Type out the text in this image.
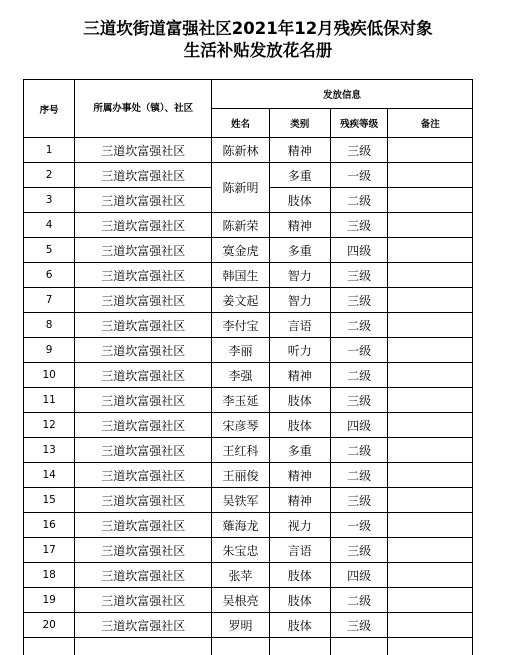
三道坎街道富强社区2021年12月残疾低保对象
生活补贴发放花名册
序号	所属办事处（镇）、社区	发放信息			
		姓名	类别	残疾等级	备注
1	三道坎富强社区	陈新林	精神	三级	
2	三道坎富强社区	陈新明	多重	一级	
3	三道坎富强社区		肢体	二级	
4	三道坎富强社区	陈新荣	精神	三级	
5	三道坎富强社区	寞金虎	多重	四级	
6	三道坎富强社区	韩国生	智力	三级	
7	三道坎富强社区	姜文起	智力	三级	
8	三道坎富强社区	李付宝	言语	二级	
9	三道坎富强社区	李丽	听力	一级	
10	三道坎富强社区	李强	精神	二级	
11	三道坎富强社区	李玉延	肢体	三级	
12	三道坎富强社区	宋彦琴	肢体	四级	
13	三道坎富强社区	王红科	多重	二级	
14	三道坎富强社区	王丽俊	精神	二级	
15	三道坎富强社区	吴铁军	精神	三级	
16	三道坎富强社区	薙海龙	视力	一级	
17	三道坎富强社区	朱宝忠	言语	三级	
18	三道坎富强社区	张苹	肢体	四级	
19	三道坎富强社区	吴根亮	肢体	二级	
20	三道坎富强社区	罗明	肢体	三级	
